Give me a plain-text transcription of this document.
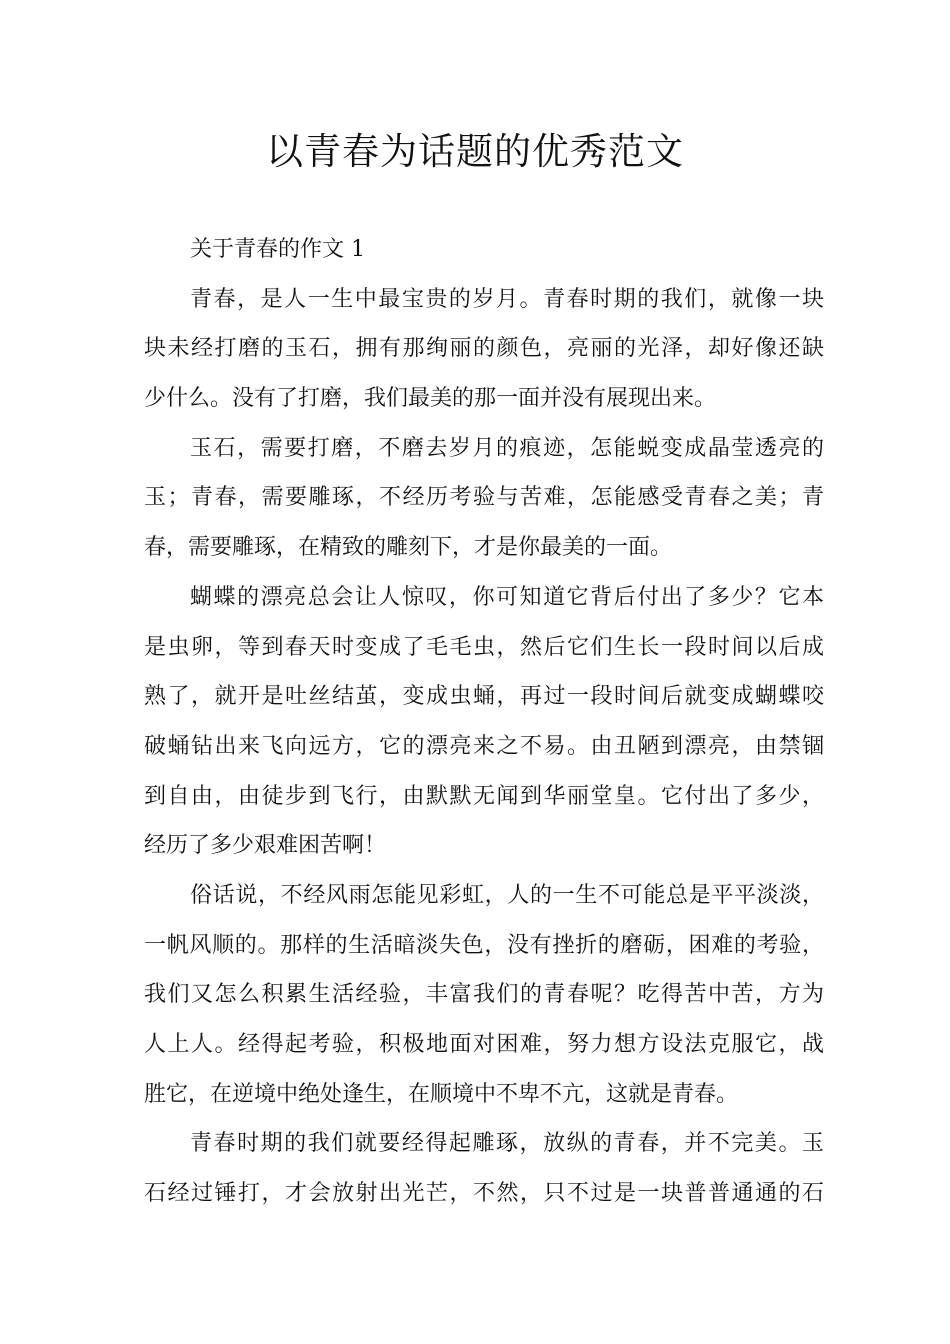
以青春为话题的优秀范文
关于青春的作文 1
青春，是人一生中最宝贵的岁月。青春时期的我们，就像一块
块未经打磨的玉石，拥有那绚丽的颜色，亮丽的光泽，却好像还缺
少什么。没有了打磨，我们最美的那一面并没有展现出来。
玉石，需要打磨，不磨去岁月的痕迹，怎能蜕变成晶莹透亮的
玉；青春，需要雕琢，不经历考验与苦难，怎能感受青春之美；青
春，需要雕琢，在精致的雕刻下，才是你最美的一面。
蝴蝶的漂亮总会让人惊叹，你可知道它背后付出了多少？它本
是虫卵，等到春天时变成了毛毛虫，然后它们生长一段时间以后成
熟了，就开是吐丝结茧，变成虫蛹，再过一段时间后就变成蝴蝶咬
破蛹钻出来飞向远方，它的漂亮来之不易。由丑陋到漂亮，由禁锢
到自由，由徒步到飞行，由默默无闻到华丽堂皇。它付出了多少，
经历了多少艰难困苦啊！
俗话说，不经风雨怎能见彩虹，人的一生不可能总是平平淡淡，
一帆风顺的。那样的生活暗淡失色，没有挫折的磨砺，困难的考验，
我们又怎么积累生活经验，丰富我们的青春呢？吃得苦中苦，方为
人上人。经得起考验，积极地面对困难，努力想方设法克服它，战
胜它，在逆境中绝处逢生，在顺境中不卑不亢，这就是青春。
青春时期的我们就要经得起雕琢，放纵的青春，并不完美。玉
石经过锤打，才会放射出光芒，不然，只不过是一块普普通通的石
